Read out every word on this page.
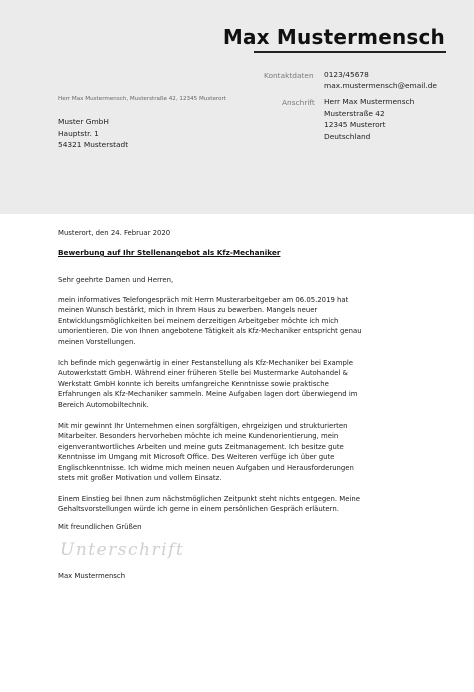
Max Mustermensch
Kontaktdaten 0123/45678
max.mustermensch@email.de
Anschrift Herr Max Mustermensch
Musterstraße 42
12345 Musterort
Deutschland
Herr Max Mustermensch, Musterstraße 42, 12345 Musterort
Muster GmbH
Hauptstr. 1
54321 Musterstadt
Musterort, den 24. Februar 2020
Bewerbung auf Ihr Stellenangebot als Kfz-Mechaniker
Sehr geehrte Damen und Herren,
mein informatives Telefongespräch mit Herrn Musterarbeitgeber am 06.05.2019 hat
meinen Wunsch bestärkt, mich in Ihrem Haus zu bewerben. Mangels neuer
Entwicklungsmöglichkeiten bei meinem derzeitigen Arbeitgeber möchte ich mich
umorientieren. Die von Ihnen angebotene Tätigkeit als Kfz-Mechaniker entspricht genau
meinen Vorstellungen.
Ich befinde mich gegenwärtig in einer Festanstellung als Kfz-Mechaniker bei Example
Autowerkstatt GmbH. Während einer früheren Stelle bei Mustermarke Autohandel &
Werkstatt GmbH konnte ich bereits umfangreiche Kenntnisse sowie praktische
Erfahrungen als Kfz-Mechaniker sammeln. Meine Aufgaben lagen dort überwiegend im
Bereich Automobiltechnik.
Mit mir gewinnt Ihr Unternehmen einen sorgfältigen, ehrgeizigen und strukturierten
Mitarbeiter. Besonders hervorheben möchte ich meine Kundenorientierung, mein
eigenverantwortliches Arbeiten und meine guts Zeitmanagement. Ich besitze gute
Kenntnisse im Umgang mit Microsoft Office. Des Weiteren verfüge ich über gute
Englischkenntnisse. Ich widme mich meinen neuen Aufgaben und Herausforderungen
stets mit großer Motivation und vollem Einsatz.
Einem Einstieg bei Ihnen zum nächstmöglichen Zeitpunkt steht nichts entgegen. Meine
Gehaltsvorstellungen würde ich gerne in einem persönlichen Gespräch erläutern.
Mit freundlichen Grüßen
Unterschrift
Max Mustermensch
